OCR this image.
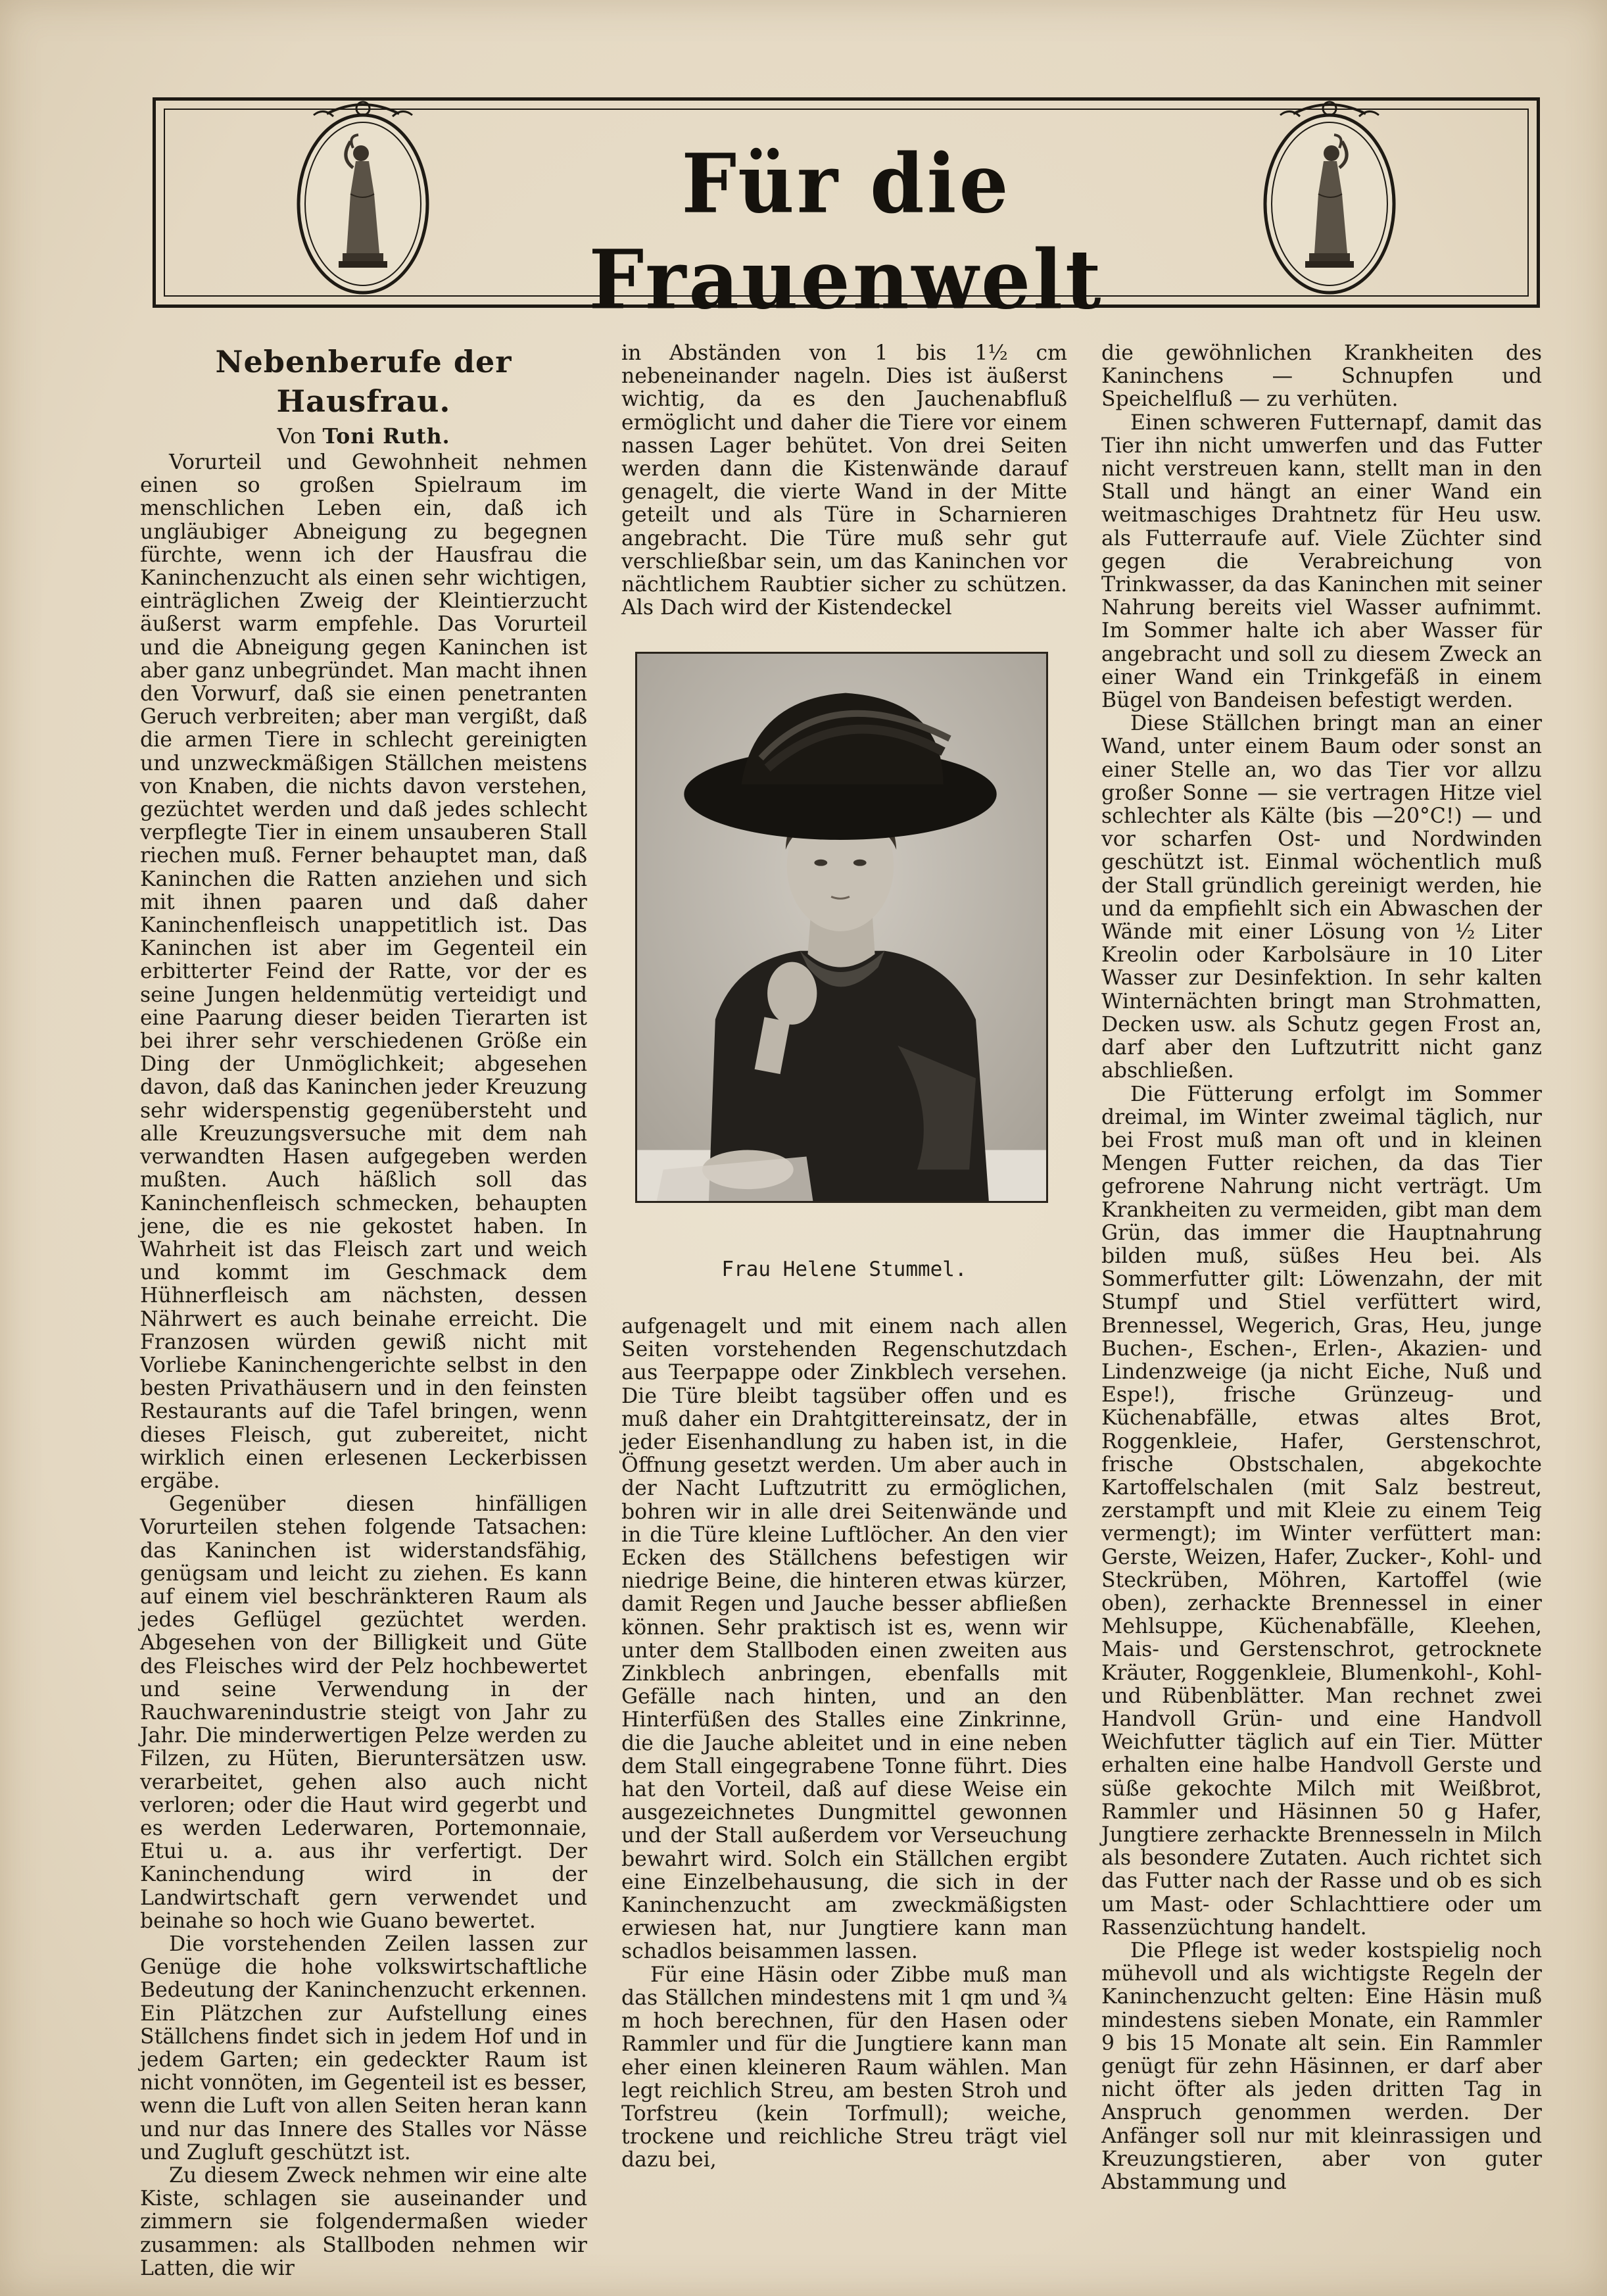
Für die Frauenwelt
Nebenberufe der Hausfrau.
Von Toni Ruth.

Vorurteil und Gewohnheit nehmen einen so großen Spielraum im menschlichen Leben ein, daß ich ungläubiger Abneigung zu begegnen fürchte, wenn ich der Hausfrau die Kaninchenzucht als einen sehr wichtigen, einträglichen Zweig der Kleintierzucht äußerst warm empfehle. Das Vorurteil und die Abneigung gegen Kaninchen ist aber ganz unbegründet. Man macht ihnen den Vorwurf, daß sie einen penetranten Geruch verbreiten; aber man vergißt, daß die armen Tiere in schlecht gereinigten und unzweckmäßigen Ställchen meistens von Knaben, die nichts davon verstehen, gezüchtet werden und daß jedes schlecht verpflegte Tier in einem unsauberen Stall riechen muß. Ferner behauptet man, daß Kaninchen die Ratten anziehen und sich mit ihnen paaren und daß daher Kaninchenfleisch unappetitlich ist. Das Kaninchen ist aber im Gegenteil ein erbitterter Feind der Ratte, vor der es seine Jungen heldenmütig verteidigt und eine Paarung dieser beiden Tierarten ist bei ihrer sehr verschiedenen Größe ein Ding der Unmöglichkeit; abgesehen davon, daß das Kaninchen jeder Kreuzung sehr widerspenstig gegenübersteht und alle Kreuzungsversuche mit dem nah verwandten Hasen aufgegeben werden mußten. Auch häßlich soll das Kaninchenfleisch schmecken, behaupten jene, die es nie gekostet haben. In Wahrheit ist das Fleisch zart und weich und kommt im Geschmack dem Hühnerfleisch am nächsten, dessen Nährwert es auch beinahe erreicht. Die Franzosen würden gewiß nicht mit Vorliebe Kaninchengerichte selbst in den besten Privathäusern und in den feinsten Restaurants auf die Tafel bringen, wenn dieses Fleisch, gut zubereitet, nicht wirklich einen erlesenen Leckerbissen ergäbe.

Gegenüber diesen hinfälligen Vorurteilen stehen folgende Tatsachen: das Kaninchen ist widerstandsfähig, genügsam und leicht zu ziehen. Es kann auf einem viel beschränkteren Raum als jedes Geflügel gezüchtet werden. Abgesehen von der Billigkeit und Güte des Fleisches wird der Pelz hochbewertet und seine Verwendung in der Rauchwarenindustrie steigt von Jahr zu Jahr. Die minderwertigen Pelze werden zu Filzen, zu Hüten, Bieruntersätzen usw. verarbeitet, gehen also auch nicht verloren; oder die Haut wird gegerbt und es werden Lederwaren, Portemonnaie, Etui u. a. aus ihr verfertigt. Der Kaninchendung wird in der Landwirtschaft gern verwendet und beinahe so hoch wie Guano bewertet.

Die vorstehenden Zeilen lassen zur Genüge die hohe volkswirtschaftliche Bedeutung der Kaninchenzucht erkennen. Ein Plätzchen zur Aufstellung eines Ställchens findet sich in jedem Hof und in jedem Garten; ein gedeckter Raum ist nicht vonnöten, im Gegenteil ist es besser, wenn die Luft von allen Seiten heran kann und nur das Innere des Stalles vor Nässe und Zugluft geschützt ist.

Zu diesem Zweck nehmen wir eine alte Kiste, schlagen sie auseinander und zimmern sie folgendermaßen wieder zusammen: als Stallboden nehmen wir Latten, die wir

in Abständen von 1 bis 1½ cm nebeneinander nageln. Dies ist äußerst wichtig, da es den Jauchenabfluß ermöglicht und daher die Tiere vor einem nassen Lager behütet. Von drei Seiten werden dann die Kistenwände darauf genagelt, die vierte Wand in der Mitte geteilt und als Türe in Scharnieren angebracht. Die Türe muß sehr gut verschließbar sein, um das Kaninchen vor nächtlichem Raubtier sicher zu schützen. Als Dach wird der Kistendeckel

Frau Helene Stummel.

aufgenagelt und mit einem nach allen Seiten vorstehenden Regenschutzdach aus Teerpappe oder Zinkblech versehen. Die Türe bleibt tagsüber offen und es muß daher ein Drahtgittereinsatz, der in jeder Eisenhandlung zu haben ist, in die Öffnung gesetzt werden. Um aber auch in der Nacht Luftzutritt zu ermöglichen, bohren wir in alle drei Seitenwände und in die Türe kleine Luftlöcher. An den vier Ecken des Ställchens befestigen wir niedrige Beine, die hinteren etwas kürzer, damit Regen und Jauche besser abfließen können. Sehr praktisch ist es, wenn wir unter dem Stallboden einen zweiten aus Zinkblech anbringen, ebenfalls mit Gefälle nach hinten, und an den Hinterfüßen des Stalles eine Zinkrinne, die die Jauche ableitet und in eine neben dem Stall eingegrabene Tonne führt. Dies hat den Vorteil, daß auf diese Weise ein ausgezeichnetes Dungmittel gewonnen und der Stall außerdem vor Verseuchung bewahrt wird. Solch ein Ställchen ergibt eine Einzelbehausung, die sich in der Kaninchenzucht am zweckmäßigsten erwiesen hat, nur Jungtiere kann man schadlos beisammen lassen.

Für eine Häsin oder Zibbe muß man das Ställchen mindestens mit 1 qm und ¾ m hoch berechnen, für den Hasen oder Rammler und für die Jungtiere kann man eher einen kleineren Raum wählen. Man legt reichlich Streu, am besten Stroh und Torfstreu (kein Torfmull); weiche, trockene und reichliche Streu trägt viel dazu bei,

die gewöhnlichen Krankheiten des Kaninchens — Schnupfen und Speichelfluß — zu verhüten.

Einen schweren Futternapf, damit das Tier ihn nicht umwerfen und das Futter nicht verstreuen kann, stellt man in den Stall und hängt an einer Wand ein weitmaschiges Drahtnetz für Heu usw. als Futterraufe auf. Viele Züchter sind gegen die Verabreichung von Trinkwasser, da das Kaninchen mit seiner Nahrung bereits viel Wasser aufnimmt. Im Sommer halte ich aber Wasser für angebracht und soll zu diesem Zweck an einer Wand ein Trinkgefäß in einem Bügel von Bandeisen befestigt werden.

Diese Ställchen bringt man an einer Wand, unter einem Baum oder sonst an einer Stelle an, wo das Tier vor allzu großer Sonne — sie vertragen Hitze viel schlechter als Kälte (bis —20°C!) — und vor scharfen Ost- und Nordwinden geschützt ist. Einmal wöchentlich muß der Stall gründlich gereinigt werden, hie und da empfiehlt sich ein Abwaschen der Wände mit einer Lösung von ½ Liter Kreolin oder Karbolsäure in 10 Liter Wasser zur Desinfektion. In sehr kalten Winternächten bringt man Strohmatten, Decken usw. als Schutz gegen Frost an, darf aber den Luftzutritt nicht ganz abschließen.

Die Fütterung erfolgt im Sommer dreimal, im Winter zweimal täglich, nur bei Frost muß man oft und in kleinen Mengen Futter reichen, da das Tier gefrorene Nahrung nicht verträgt. Um Krankheiten zu vermeiden, gibt man dem Grün, das immer die Hauptnahrung bilden muß, süßes Heu bei. Als Sommerfutter gilt: Löwenzahn, der mit Stumpf und Stiel verfüttert wird, Brennessel, Wegerich, Gras, Heu, junge Buchen-, Eschen-, Erlen-, Akazien- und Lindenzweige (ja nicht Eiche, Nuß und Espe!), frische Grünzeug- und Küchenabfälle, etwas altes Brot, Roggenkleie, Hafer, Gerstenschrot, frische Obstschalen, abgekochte Kartoffelschalen (mit Salz bestreut, zerstampft und mit Kleie zu einem Teig vermengt); im Winter verfüttert man: Gerste, Weizen, Hafer, Zucker-, Kohl- und Steckrüben, Möhren, Kartoffel (wie oben), zerhackte Brennessel in einer Mehlsuppe, Küchenabfälle, Kleehen, Mais- und Gerstenschrot, getrocknete Kräuter, Roggenkleie, Blumenkohl-, Kohl- und Rübenblätter. Man rechnet zwei Handvoll Grün- und eine Handvoll Weichfutter täglich auf ein Tier. Mütter erhalten eine halbe Handvoll Gerste und süße gekochte Milch mit Weißbrot, Rammler und Häsinnen 50 g Hafer, Jungtiere zerhackte Brennesseln in Milch als besondere Zutaten. Auch richtet sich das Futter nach der Rasse und ob es sich um Mast- oder Schlachttiere oder um Rassenzüchtung handelt.

Die Pflege ist weder kostspielig noch mühevoll und als wichtigste Regeln der Kaninchenzucht gelten: Eine Häsin muß mindestens sieben Monate, ein Rammler 9 bis 15 Monate alt sein. Ein Rammler genügt für zehn Häsinnen, er darf aber nicht öfter als jeden dritten Tag in Anspruch genommen werden. Der Anfänger soll nur mit kleinrassigen und Kreuzungstieren, aber von guter Abstammung und
